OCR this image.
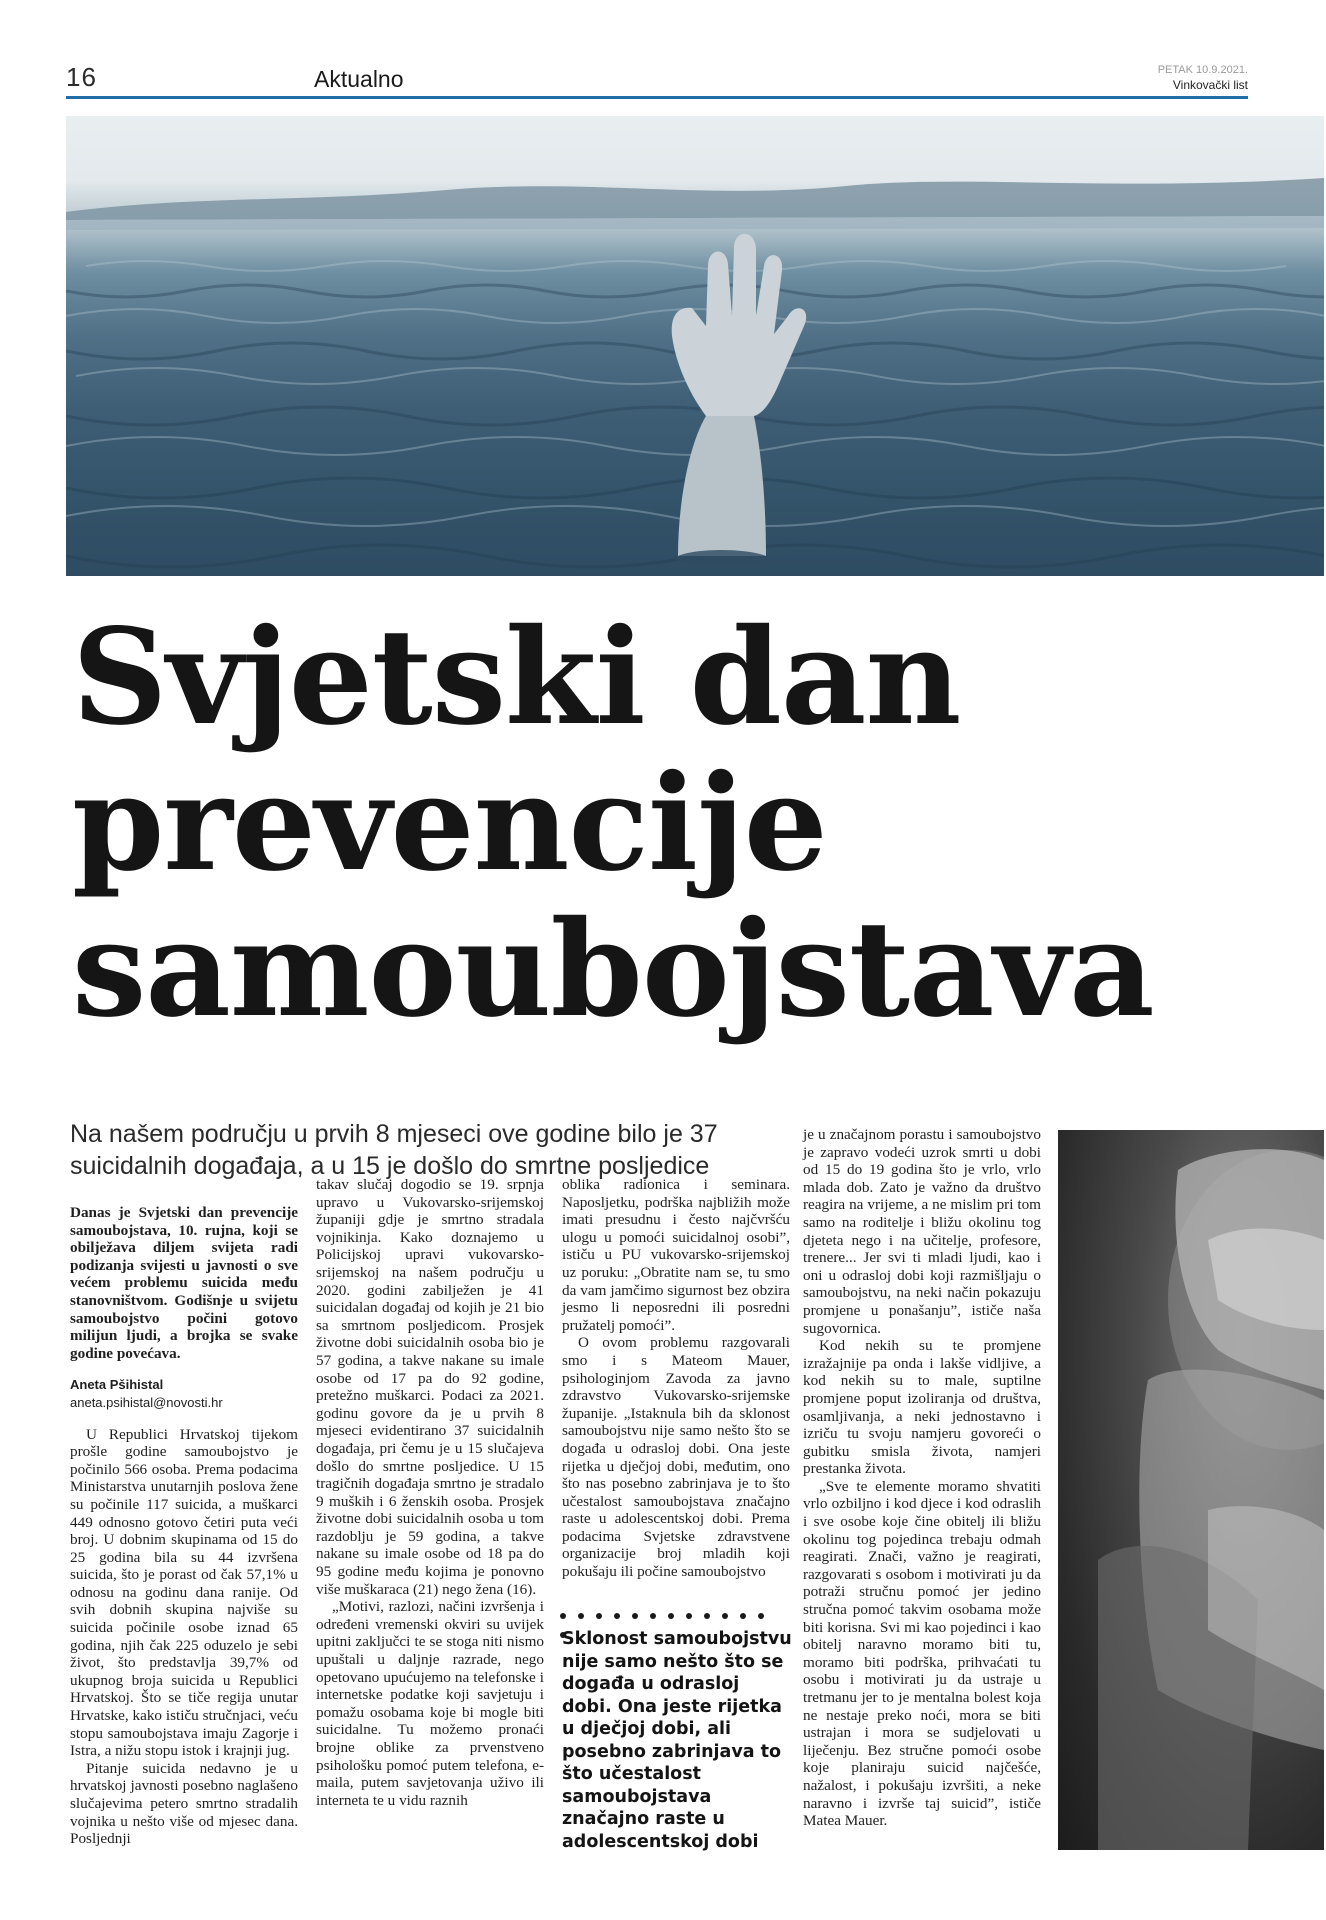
16	Aktualno	PETAK 10.9.2021.
Vinkovački list
Svjetski dan
prevencije
samoubojstava

Na našem području u prvih 8 mjeseci ove godine bilo je 37 suicidalnih događaja, a u 15 je došlo do smrtne posljedice

Danas je Svjetski dan prevencije samoubojstava, 10. rujna, koji se obilježava diljem svijeta radi podizanja svijesti u javnosti o sve većem problemu suicida među stanovništvom. Godišnje u svijetu samoubojstvo počini gotovo milijun ljudi, a brojka se svake godine povećava.

Aneta Pšihistal

aneta.psihistal@novosti.hr

U Republici Hrvatskoj tijekom prošle godine samoubojstvo je počinilo 566 osoba. Prema podacima Ministarstva unutarnjih poslova žene su počinile 117 suicida, a muškarci 449 odnosno gotovo četiri puta veći broj. U dobnim skupinama od 15 do 25 godina bila su 44 izvršena suicida, što je porast od čak 57,1% u odnosu na godinu dana ranije. Od svih dobnih skupina najviše su suicida počinile osobe iznad 65 godina, njih čak 225 oduzelo je sebi život, što predstavlja 39,7% od ukupnog broja suicida u Republici Hrvatskoj. Što se tiče regija unutar Hrvatske, kako ističu stručnjaci, veću stopu samoubojstava imaju Zagorje i Istra, a nižu stopu istok i krajnji jug.

Pitanje suicida nedavno je u hrvatskoj javnosti posebno naglašeno slučajevima petero smrtno stradalih vojnika u nešto više od mjesec dana. Posljednji

takav slučaj dogodio se 19. srpnja upravo u Vukovarsko-srijemskoj županiji gdje je smrtno stradala vojnikinja. Kako doznajemo u Policijskoj upravi vukovarsko-srijemskoj na našem području u 2020. godini zabilježen je 41 suicidalan događaj od kojih je 21 bio sa smrtnom posljedicom. Prosjek životne dobi suicidalnih osoba bio je 57 godina, a takve nakane su imale osobe od 17 pa do 92 godine, pretežno muškarci. Podaci za 2021. godinu govore da je u prvih 8 mjeseci evidentirano 37 suicidalnih događaja, pri čemu je u 15 slučajeva došlo do smrtne posljedice. U 15 tragičnih događaja smrtno je stradalo 9 muških i 6 ženskih osoba. Prosjek životne dobi suicidalnih osoba u tom razdoblju je 59 godina, a takve nakane su imale osobe od 18 pa do 95 godine među kojima je ponovno više muškaraca (21) nego žena (16).

„Motivi, razlozi, načini izvršenja i određeni vremenski okviri su uvijek upitni zaključci te se stoga niti nismo upuštali u daljnje razrade, nego opetovano upućujemo na telefonske i internetske podatke koji savjetuju i pomažu osobama koje bi mogle biti suicidalne. Tu možemo pronaći brojne oblike za prvenstveno psihološku pomoć putem telefona, e-maila, putem savjetovanja uživo ili interneta te u vidu raznih

oblika radionica i seminara. Naposljetku, podrška najbližih može imati presudnu i često najčvršću ulogu u pomoći suicidalnoj osobi”, ističu u PU vukovarsko-srijemskoj uz poruku: „Obratite nam se, tu smo da vam jamčimo sigurnost bez obzira jesmo li neposredni ili posredni pružatelj pomoći”.

O ovom problemu razgovarali smo i s Mateom Mauer, psihologinjom Zavoda za javno zdravstvo Vukovarsko-srijemske županije. „Istaknula bih da sklonost samoubojstvu nije samo nešto što se događa u odrasloj dobi. Ona jeste rijetka u dječjoj dobi, međutim, ono što nas posebno zabrinjava je to što učestalost samoubojstava značajno raste u adolescentskoj dobi. Prema podacima Svjetske zdravstvene organizacije broj mladih koji pokušaju ili počine samoubojstvo

Sklonost samoubojstvu nije samo nešto što se događa u odrasloj dobi. Ona jeste rijetka u dječjoj dobi, ali posebno zabrinjava to što učestalost samoubojstava značajno raste u adolescentskoj dobi

je u značajnom porastu i samoubojstvo je zapravo vodeći uzrok smrti u dobi od 15 do 19 godina što je vrlo, vrlo mlada dob. Zato je važno da društvo reagira na vrijeme, a ne mislim pri tom samo na roditelje i bližu okolinu tog djeteta nego i na učitelje, profesore, trenere... Jer svi ti mladi ljudi, kao i oni u odrasloj dobi koji razmišljaju o samoubojstvu, na neki način pokazuju promjene u ponašanju”, ističe naša sugovornica.

Kod nekih su te promjene izražajnije pa onda i lakše vidljive, a kod nekih su to male, suptilne promjene poput izoliranja od društva, osamljivanja, a neki jednostavno i izriču tu svoju namjeru govoreći o gubitku smisla života, namjeri prestanka života.

„Sve te elemente moramo shvatiti vrlo ozbiljno i kod djece i kod odraslih i sve osobe koje čine obitelj ili bližu okolinu tog pojedinca trebaju odmah reagirati. Znači, važno je reagirati, razgovarati s osobom i motivirati ju da potraži stručnu pomoć jer jedino stručna pomoć takvim osobama može biti korisna. Svi mi kao pojedinci i kao obitelj naravno moramo biti tu, moramo biti podrška, prihvaćati tu osobu i motivirati ju da ustraje u tretmanu jer to je mentalna bolest koja ne nestaje preko noći, mora se biti ustrajan i mora se sudjelovati u liječenju. Bez stručne pomoći osobe koje planiraju suicid najčešće, nažalost, i pokušaju izvršiti, a neke naravno i izvrše taj suicid”, ističe Matea Mauer.
